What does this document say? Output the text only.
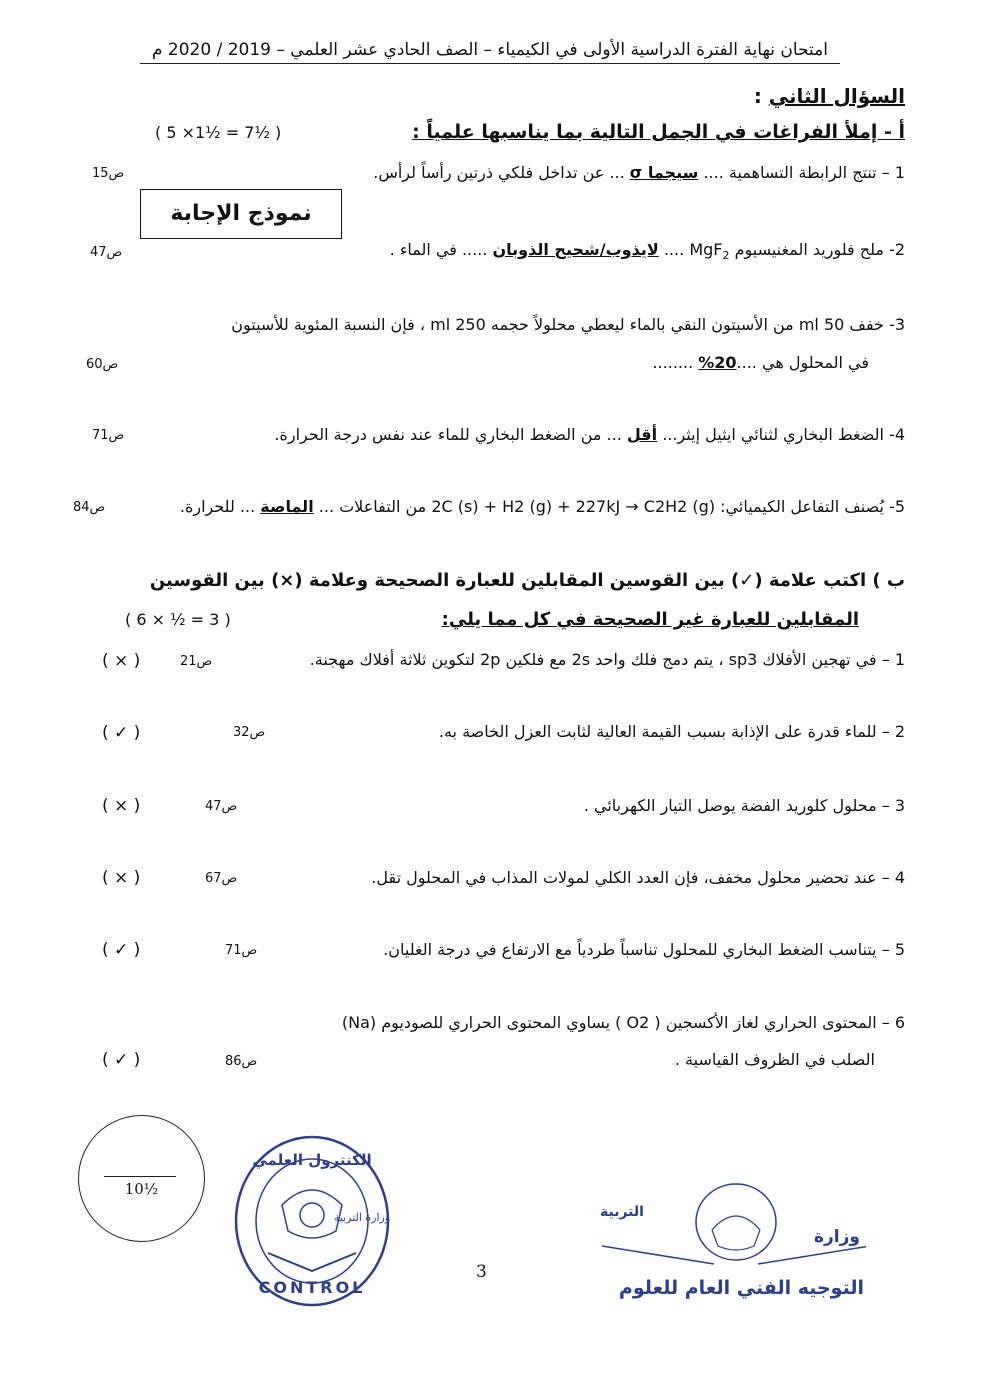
امتحان نهاية الفترة الدراسية الأولى في الكيمياء – الصف الحادي عشر العلمي – 2019 / 2020 م
السؤال الثاني :
أ - إملأ الفراغات في الجمل التالية بما يناسبها علمياً :
( 5 ×1½ = 7½ )
1 – تنتج الرابطة التساهمية .... سيجما σ ... عن تداخل فلكي ذرتين رأساً لرأس.
ص15
نموذج الإجابة
2- ملح فلوريد المغنيسيوم MgF$_2$ .... لايذوب/شحيح الذوبان ..... في الماء .
ص47
3- خفف 50 ml من الأسيتون النقي بالماء ليعطي محلولاً حجمه 250 ml ، فإن النسبة المئوية للأسيتون
في المحلول هي ....20% ........
ص60
4- الضغط البخاري لثنائي ايثيل إيثر... أقل ... من الضغط البخاري للماء عند نفس درجة الحرارة.
ص71
5- يُصنف التفاعل الكيميائي: 2C (s) + H2 (g) + 227kJ → C2H2 (g) من التفاعلات ... الماصة ... للحرارة.
ص84
ب ) اكتب علامة (✓) بين القوسين المقابلين للعبارة الصحيحة وعلامة (×) بين القوسين
المقابلين للعبارة غير الصحيحة في كل مما يلي:
( 6 × ½ = 3 )
1 – في تهجين الأفلاك sp3 ، يتم دمج فلك واحد 2s مع فلكين 2p لتكوين ثلاثة أفلاك مهجنة.
ص21
( × )
2 – للماء قدرة على الإذابة بسبب القيمة العالية لثابت العزل الخاصة به.
ص32
( ✓ )
3 – محلول كلوريد الفضة يوصل التيار الكهربائي .
ص47
( × )
4 – عند تحضير محلول مخفف، فإن العدد الكلي لمولات المذاب في المحلول تقل.
ص67
( × )
5 – يتناسب الضغط البخاري للمحلول تناسباً طردياً مع الارتفاع في درجة الغليان.
ص71
( ✓ )
6 – المحتوى الحراري لغاز الأكسجين ( O2 ) يساوي المحتوى الحراري للصوديوم (Na)
الصلب في الظروف القياسية .
ص86
( ✓ )
10½
الكنترول العلمي
وزارة التربية
CONTROL
3
وزارة
التربية
التوجيه الفني العام للعلوم
